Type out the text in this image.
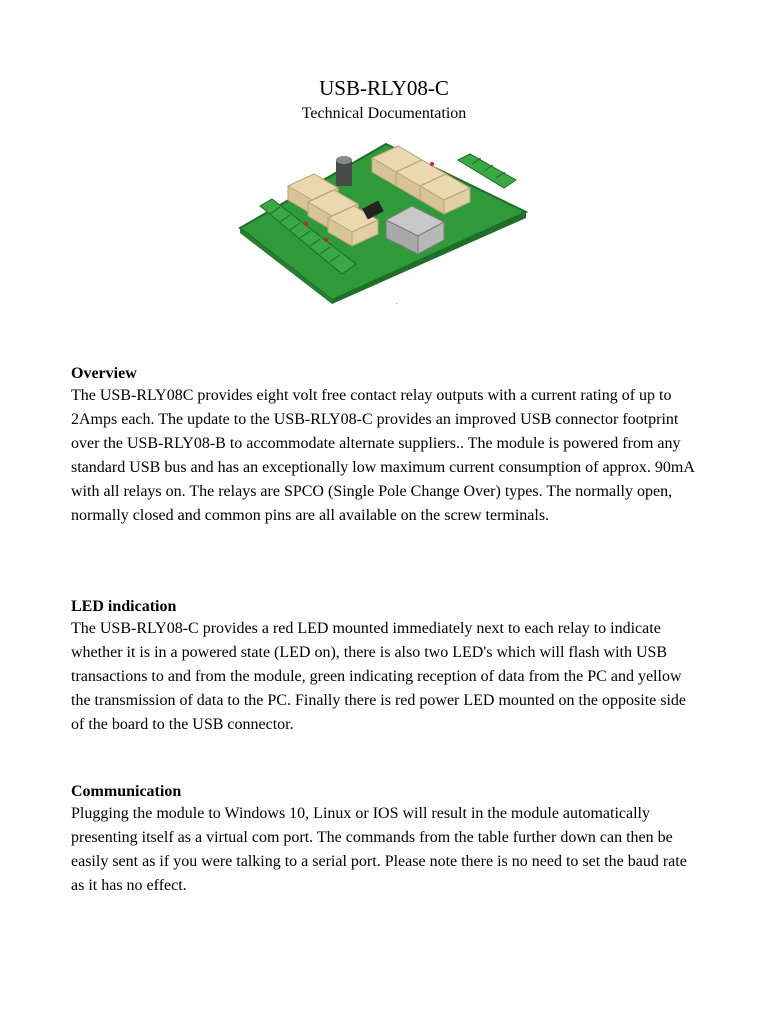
USB-RLY08-C
Technical Documentation
Overview

The USB-RLY08C provides eight volt free contact relay outputs with a current rating of up to 2Amps each. The update to the USB-RLY08-C provides an improved USB connector footprint over the USB-RLY08-B to accommodate alternate suppliers.. The module is powered from any standard USB bus and has an exceptionally low maximum current consumption of approx. 90mA with all relays on. The relays are SPCO (Single Pole Change Over) types. The normally open, normally closed and common pins are all available on the screw terminals.

LED indication

The USB-RLY08-C provides a red LED mounted immediately next to each relay to indicate whether it is in a powered state (LED on), there is also two LED's which will flash with USB transactions to and from the module, green indicating reception of data from the PC and yellow the transmission of data to the PC. Finally there is red power LED mounted on the opposite side of the board to the USB connector.

Communication

Plugging the module to Windows 10, Linux or IOS will result in the module automatically presenting itself as a virtual com port. The commands from the table further down can then be easily sent as if you were talking to a serial port. Please note there is no need to set the baud rate as it has no effect.
